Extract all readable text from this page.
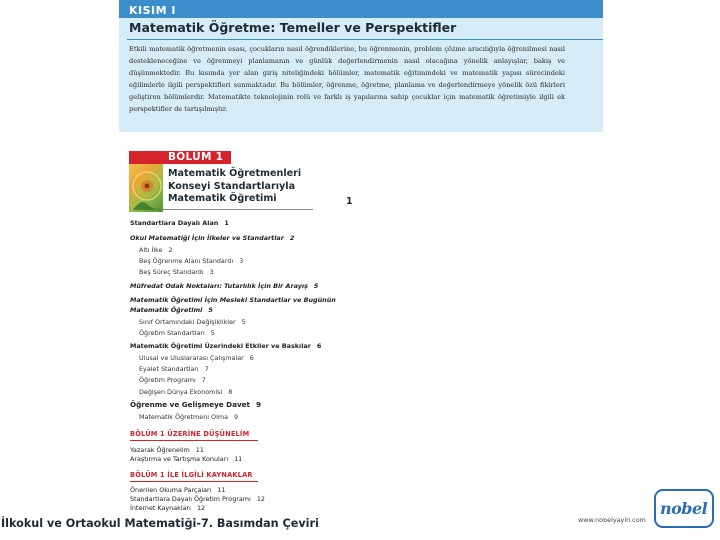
KISIM I
Matematik Öğretme: Temeller ve Perspektifler
Etkili matematik öğretmenin esası, çocukların nasıl öğrendiklerine, bu öğrenmenin, problem çözme aracılığıyla öğrenilmesi nasıl destekleneceğine ve öğrenmeyi planlamanın ve günlük değerlendirmenin nasıl olacağına yönelik anlayışlar, bakış ve düşünmektedir. Bu kısımda yer alan giriş niteliğindeki bölümler, matematik eğitimindeki ve matematik yapısı sürecindeki eğilimlerle ilgili perspektifleri sunmaktadır. Bu bölümler, öğrenme, öğretme, planlama ve değerlendirmeye yönelik özü fikirleri geliştiren bölümlerdir. Matematikte teknolojinin rolü ve farklı iş yapılarına sahip çocuklar için matematik öğretimiyle ilgili ek perspektifler de tartışılmıştır.
BÖLÜM 1
Matematik Öğretmenleri
Konseyi Standartlarıyla
Matematik Öğretimi	1
Standartlara Dayalı Alan 1
Okul Matematiği İçin İlkeler ve Standartlar 2
Altı İlke 2
Beş Öğrenme Alanı Standardı 3
Beş Süreç Standardı 3
Müfredat Odak Noktaları: Tutarlılık İçin Bir Arayış 5
Matematik Öğretimi İçin Mesleki Standartlar ve Bugünün
Matematik Öğretimi 5
Sınıf Ortamındaki Değişiklikler 5
Öğretim Standartları 5
Matematik Öğretimi Üzerindeki Etkiler ve Baskılar 6
Ulusal ve Uluslararası Çalışmalar 6
Eyalet Standartları 7
Öğretim Programı 7
Değişen Dünya Ekonomisi 8
Öğrenme ve Gelişmeye Davet 9
Matematik Öğretmeni Olma 9
BÖLÜM 1 ÜZERİNE DÜŞÜNELİM
Yazarak Öğrenelim 11
Araştırma ve Tartışma Konuları 11
BÖLÜM 1 İLE İLGİLİ KAYNAKLAR
Önerilen Okuma Parçaları 11
Standartlara Dayalı Öğretim Programı 12
İnternet Kaynakları 12
İlkokul ve Ortaokul Matematiği-7. Basımdan Çeviri	www.nobelyayin.com
nobel
